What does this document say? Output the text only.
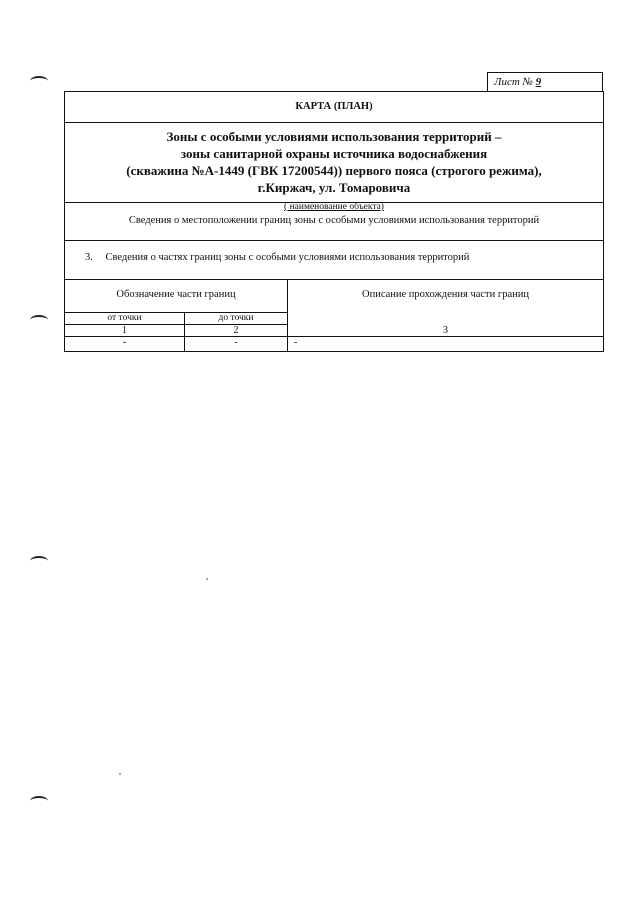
Лист № 9
КАРТА (ПЛАН)
Зоны с особыми условиями использования территорий –
зоны санитарной охраны источника водоснабжения
(скважина №А-1449 (ГВК 17200544)) первого пояса (строгого режима),
г.Киржач, ул. Томаровича
( наименование объекта)
Сведения о местоположении границ зоны с особыми условиями использования территорий
3. Сведения о частях границ зоны с особыми условиями использования территорий
Обозначение части границ	Описание прохождения части границ
от точки	до точки
1	2	3
-	-	-
